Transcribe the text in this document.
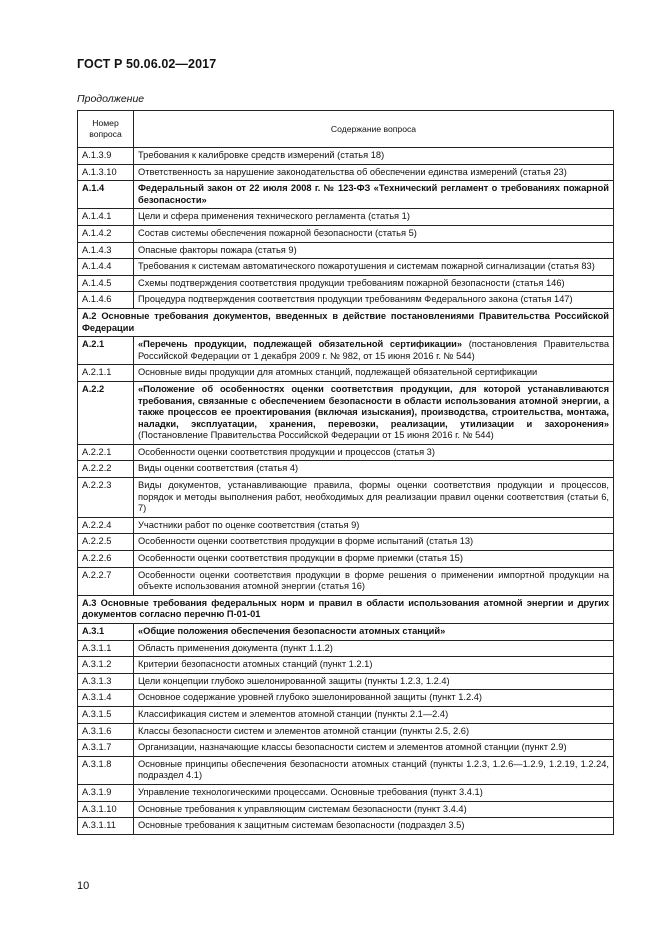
ГОСТ Р 50.06.02—2017
Продолжение
Номер вопроса	Содержание вопроса
А.1.3.9	Требования к калибровке средств измерений (статья 18)
А.1.3.10	Ответственность за нарушение законодательства об обеспечении единства измерений (статья 23)
А.1.4	Федеральный закон от 22 июля 2008 г. № 123-ФЗ «Технический регламент о требованиях пожарной безопасности»
А.1.4.1	Цели и сфера применения технического регламента (статья 1)
А.1.4.2	Состав системы обеспечения пожарной безопасности (статья 5)
А.1.4.3	Опасные факторы пожара (статья 9)
А.1.4.4	Требования к системам автоматического пожаротушения и системам пожарной сигнализации (статья 83)
А.1.4.5	Схемы подтверждения соответствия продукции требованиям пожарной безопасности (статья 146)
А.1.4.6	Процедура подтверждения соответствия продукции требованиям Федерального закона (статья 147)
А.2 Основные требования документов, введенных в действие постановлениями Правительства Российской Федерации	
А.2.1	«Перечень продукции, подлежащей обязательной сертификации» (постановления Правительства Российской Федерации от 1 декабря 2009 г. № 982, от 15 июня 2016 г. № 544)
А.2.1.1	Основные виды продукции для атомных станций, подлежащей обязательной сертификации
А.2.2	«Положение об особенностях оценки соответствия продукции, для которой устанавливаются требования, связанные с обеспечением безопасности в области использования атомной энергии, а также процессов ее проектирования (включая изыскания), производства, строительства, монтажа, наладки, эксплуатации, хранения, перевозки, реализации, утилизации и захоронения» (Постановление Правительства Российской Федерации от 15 июня 2016 г. № 544)
А.2.2.1	Особенности оценки соответствия продукции и процессов (статья 3)
А.2.2.2	Виды оценки соответствия (статья 4)
А.2.2.3	Виды документов, устанавливающие правила, формы оценки соответствия продукции и процессов, порядок и методы выполнения работ, необходимых для реализации правил оценки соответствия (статьи 6, 7)
А.2.2.4	Участники работ по оценке соответствия (статья 9)
А.2.2.5	Особенности оценки соответствия продукции в форме испытаний (статья 13)
А.2.2.6	Особенности оценки соответствия продукции в форме приемки (статья 15)
А.2.2.7	Особенности оценки соответствия продукции в форме решения о применении импортной продукции на объекте использования атомной энергии (статья 16)
А.3 Основные требования федеральных норм и правил в области использования атомной энергии и других документов согласно перечню П-01-01	
А.3.1	«Общие положения обеспечения безопасности атомных станций»
А.3.1.1	Область применения документа (пункт 1.1.2)
А.3.1.2	Критерии безопасности атомных станций (пункт 1.2.1)
А.3.1.3	Цели концепции глубоко эшелонированной защиты (пункты 1.2.3, 1.2.4)
А.3.1.4	Основное содержание уровней глубоко эшелонированной защиты (пункт 1.2.4)
А.3.1.5	Классификация систем и элементов атомной станции (пункты 2.1—2.4)
А.3.1.6	Классы безопасности систем и элементов атомной станции (пункты 2.5, 2.6)
А.3.1.7	Организации, назначающие классы безопасности систем и элементов атомной станции (пункт 2.9)
А.3.1.8	Основные принципы обеспечения безопасности атомных станций (пункты 1.2.3, 1.2.6—1.2.9, 1.2.19, 1.2.24, подраздел 4.1)
А.3.1.9	Управление технологическими процессами. Основные требования (пункт 3.4.1)
А.3.1.10	Основные требования к управляющим системам безопасности (пункт 3.4.4)
А.3.1.11	Основные требования к защитным системам безопасности (подраздел 3.5)
10
